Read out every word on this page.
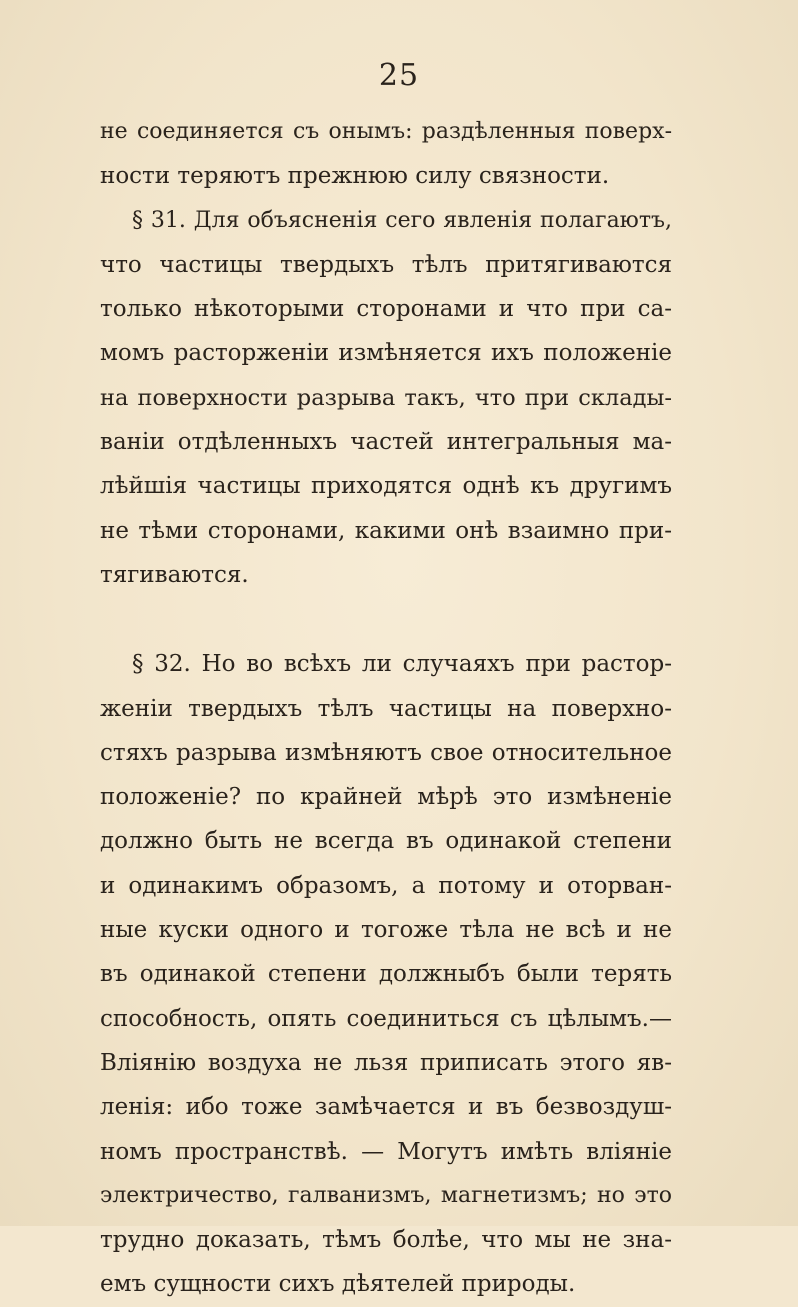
25
не соединяется съ онымъ: раздѣленныя поверх-
ности теряютъ прежнюю силу связности.
§ 31. Для объясненія сего явленія полагаютъ,
что частицы твердыхъ тѣлъ притягиваются
только нѣкоторыми сторонами и что при са-
момъ расторженіи измѣняется ихъ положеніе
на поверхности разрыва такъ, что при склады-
ваніи отдѣленныхъ частей интегральныя ма-
лѣйшія частицы приходятся однѣ къ другимъ
не тѣми сторонами, какими онѣ взаимно при-
тягиваются.
§ 32. Но во всѣхъ ли случаяхъ при растор-
женіи твердыхъ тѣлъ частицы на поверхно-
стяхъ разрыва измѣняютъ свое относительное
положеніе? по крайней мѣрѣ это измѣненіе
должно быть не всегда въ одинакой степени
и одинакимъ образомъ, а потому и оторван-
ные куски одного и тогоже тѣла не всѣ и не
въ одинакой степени должныбъ были терять
способность, опять соединиться съ цѣлымъ.—
Вліянію воздуха не льзя приписать этого яв-
ленія: ибо тоже замѣчается и въ безвоздуш-
номъ пространствѣ. — Могутъ имѣть вліяніе
электричество, галванизмъ, магнетизмъ; но это
трудно доказать, тѣмъ болѣе, что мы не зна-
емъ сущности сихъ дѣятелей природы.
